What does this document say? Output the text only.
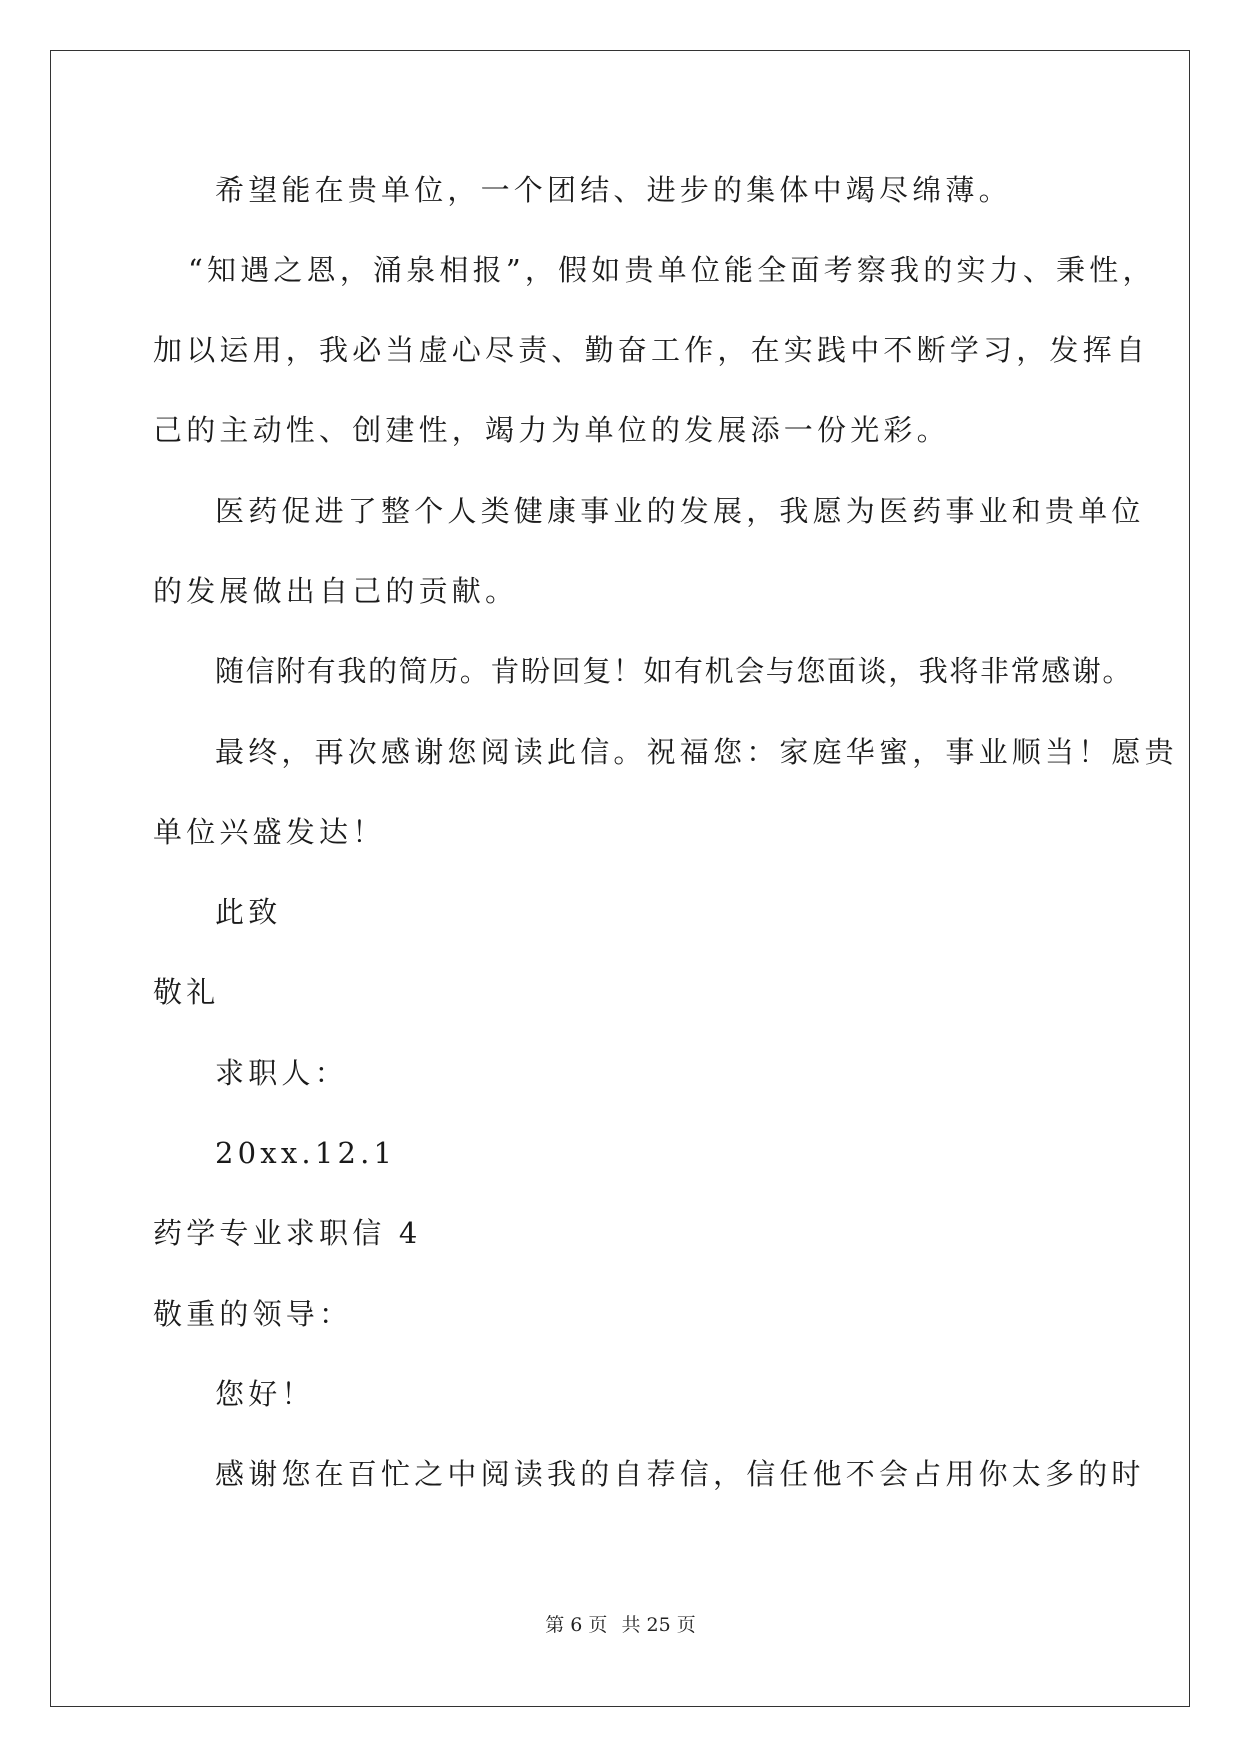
希望能在贵单位，一个团结、进步的集体中竭尽绵薄。
“知遇之恩，涌泉相报”，假如贵单位能全面考察我的实力、秉性，
加以运用，我必当虚心尽责、勤奋工作，在实践中不断学习，发挥自
己的主动性、创建性，竭力为单位的发展添一份光彩。
医药促进了整个人类健康事业的发展，我愿为医药事业和贵单位
的发展做出自己的贡献。
随信附有我的简历。肯盼回复！如有机会与您面谈，我将非常感谢。
最终，再次感谢您阅读此信。祝福您：家庭华蜜，事业顺当！愿贵
单位兴盛发达！
此致
敬礼
求职人：
20xx.12.1
药学专业求职信 4
敬重的领导：
您好！
感谢您在百忙之中阅读我的自荐信，信任他不会占用你太多的时
第 6 页 共 25 页
